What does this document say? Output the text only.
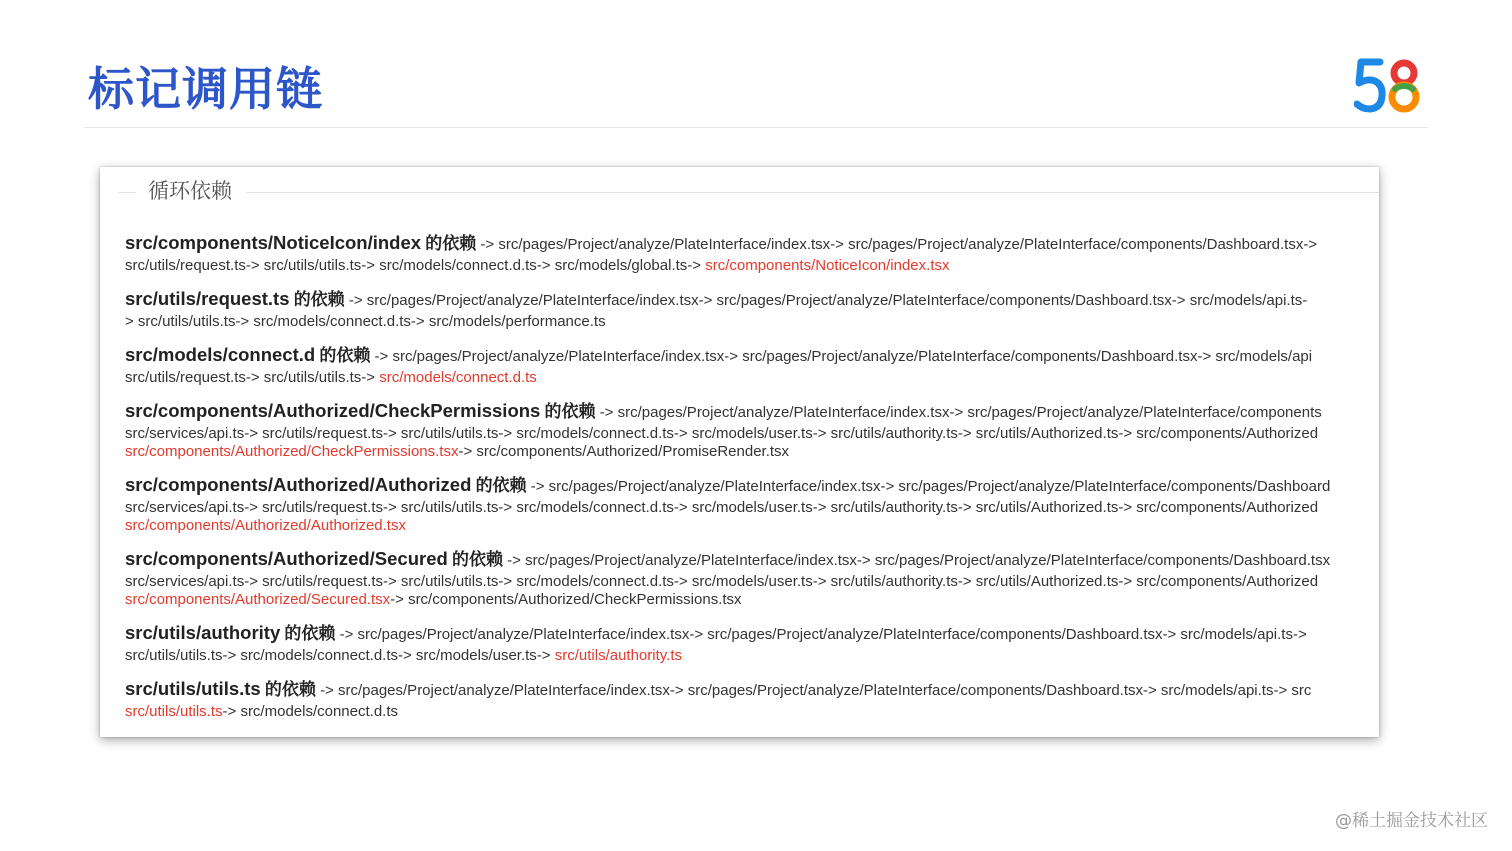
标记调用链
循环依赖
src/components/NoticeIcon/index 的依赖 -> src/pages/Project/analyze/PlateInterface/index.tsx-> src/pages/Project/analyze/PlateInterface/components/Dashboard.tsx->
src/utils/request.ts-> src/utils/utils.ts-> src/models/connect.d.ts-> src/models/global.ts-> src/components/NoticeIcon/index.tsx
src/utils/request.ts 的依赖 -> src/pages/Project/analyze/PlateInterface/index.tsx-> src/pages/Project/analyze/PlateInterface/components/Dashboard.tsx-> src/models/api.ts-
> src/utils/utils.ts-> src/models/connect.d.ts-> src/models/performance.ts
src/models/connect.d 的依赖 -> src/pages/Project/analyze/PlateInterface/index.tsx-> src/pages/Project/analyze/PlateInterface/components/Dashboard.tsx-> src/models/api
src/utils/request.ts-> src/utils/utils.ts-> src/models/connect.d.ts
src/components/Authorized/CheckPermissions 的依赖 -> src/pages/Project/analyze/PlateInterface/index.tsx-> src/pages/Project/analyze/PlateInterface/components
src/services/api.ts-> src/utils/request.ts-> src/utils/utils.ts-> src/models/connect.d.ts-> src/models/user.ts-> src/utils/authority.ts-> src/utils/Authorized.ts-> src/components/Authorized
src/components/Authorized/CheckPermissions.tsx-> src/components/Authorized/PromiseRender.tsx
src/components/Authorized/Authorized 的依赖 -> src/pages/Project/analyze/PlateInterface/index.tsx-> src/pages/Project/analyze/PlateInterface/components/Dashboard
src/services/api.ts-> src/utils/request.ts-> src/utils/utils.ts-> src/models/connect.d.ts-> src/models/user.ts-> src/utils/authority.ts-> src/utils/Authorized.ts-> src/components/Authorized
src/components/Authorized/Authorized.tsx
src/components/Authorized/Secured 的依赖 -> src/pages/Project/analyze/PlateInterface/index.tsx-> src/pages/Project/analyze/PlateInterface/components/Dashboard.tsx
src/services/api.ts-> src/utils/request.ts-> src/utils/utils.ts-> src/models/connect.d.ts-> src/models/user.ts-> src/utils/authority.ts-> src/utils/Authorized.ts-> src/components/Authorized
src/components/Authorized/Secured.tsx-> src/components/Authorized/CheckPermissions.tsx
src/utils/authority 的依赖 -> src/pages/Project/analyze/PlateInterface/index.tsx-> src/pages/Project/analyze/PlateInterface/components/Dashboard.tsx-> src/models/api.ts->
src/utils/utils.ts-> src/models/connect.d.ts-> src/models/user.ts-> src/utils/authority.ts
src/utils/utils.ts 的依赖 -> src/pages/Project/analyze/PlateInterface/index.tsx-> src/pages/Project/analyze/PlateInterface/components/Dashboard.tsx-> src/models/api.ts-> src
src/utils/utils.ts-> src/models/connect.d.ts
@稀土掘金技术社区
